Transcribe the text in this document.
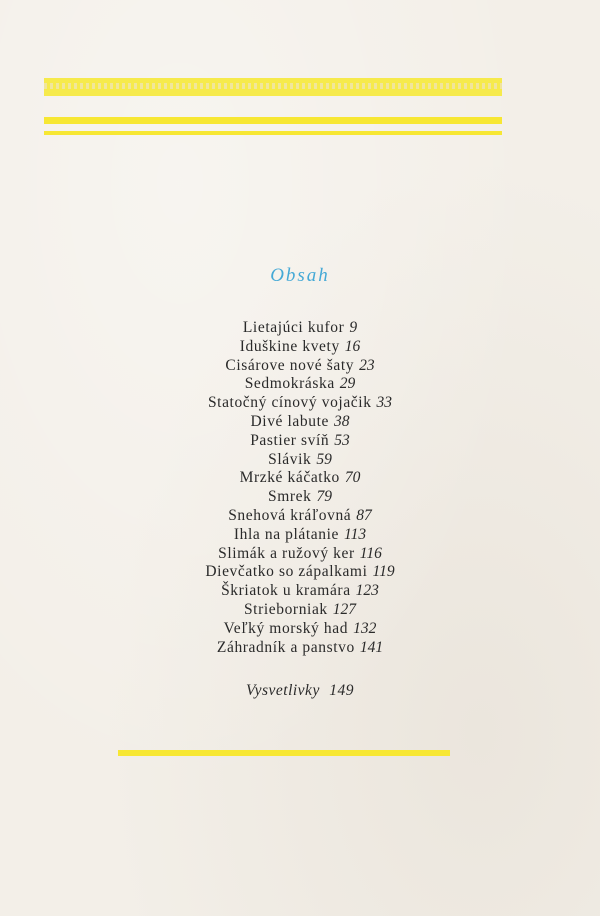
Obsah
Lietajúci kufor 9
Iduškine kvety 16
Cisárove nové šaty 23
Sedmokráska 29
Statočný cínový vojačik 33
Divé labute 38
Pastier svíň 53
Slávik 59
Mrzké káčatko 70
Smrek 79
Snehová kráľovná 87
Ihla na plátanie 113
Slimák a ružový ker 116
Dievčatko so zápalkami 119
Škriatok u kramára 123
Strieborniak 127
Veľký morský had 132
Záhradník a panstvo 141
Vysvetlivky 149
